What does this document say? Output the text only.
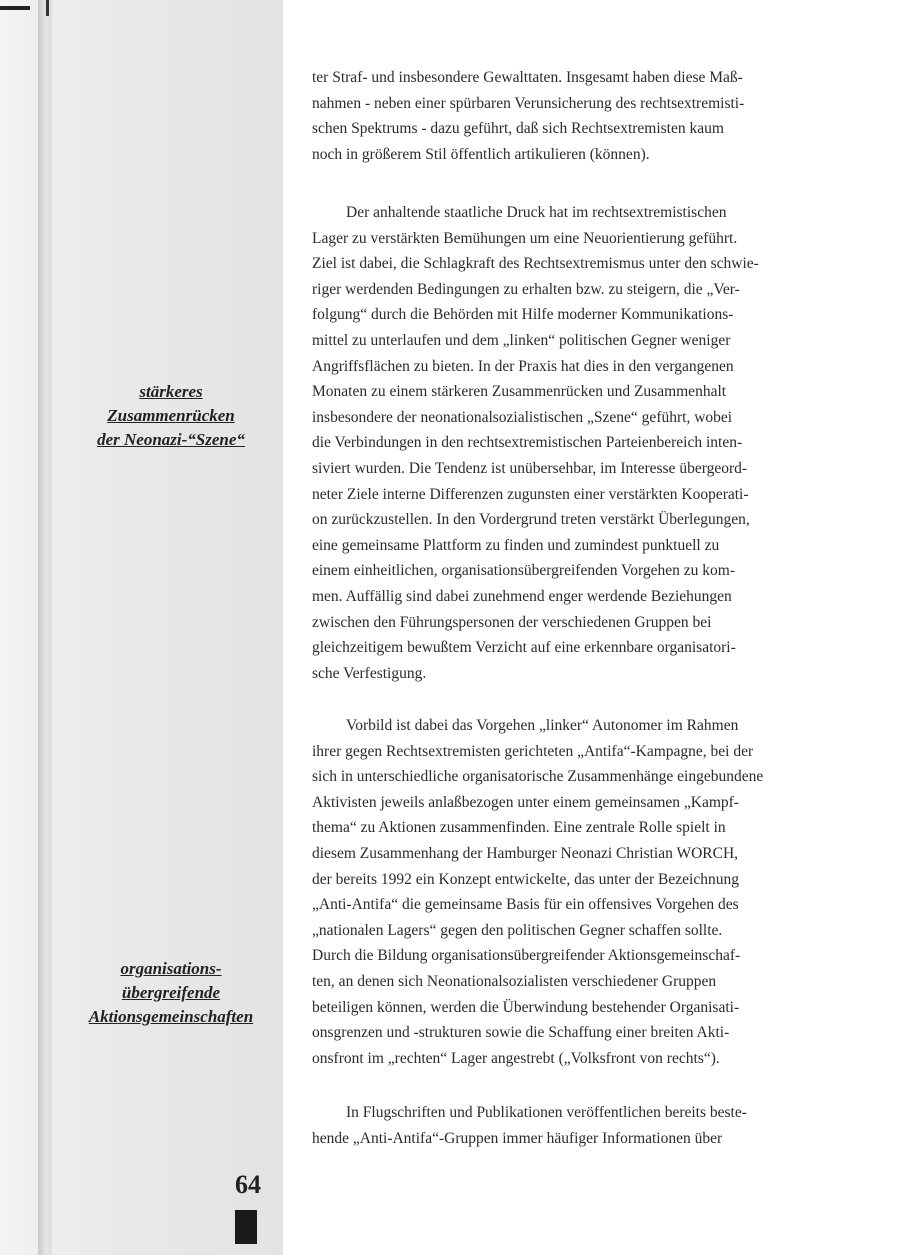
stärkeres
Zusammenrücken
der Neonazi-“Szene“
organisations-
übergreifende
Aktionsgemeinschaften
64
ter Straf- und insbesondere Gewalttaten. Insgesamt haben diese Maß-
nahmen - neben einer spürbaren Verunsicherung des rechtsextremisti-
schen Spektrums - dazu geführt, daß sich Rechtsextremisten kaum
noch in größerem Stil öffentlich artikulieren (können).
Der anhaltende staatliche Druck hat im rechtsextremistischen
Lager zu verstärkten Bemühungen um eine Neuorientierung geführt.
Ziel ist dabei, die Schlagkraft des Rechtsextremismus unter den schwie-
riger werdenden Bedingungen zu erhalten bzw. zu steigern, die „Ver-
folgung“ durch die Behörden mit Hilfe moderner Kommunikations-
mittel zu unterlaufen und dem „linken“ politischen Gegner weniger
Angriffsflächen zu bieten. In der Praxis hat dies in den vergangenen
Monaten zu einem stärkeren Zusammenrücken und Zusammenhalt
insbesondere der neonationalsozialistischen „Szene“ geführt, wobei
die Verbindungen in den rechtsextremistischen Parteienbereich inten-
siviert wurden. Die Tendenz ist unübersehbar, im Interesse übergeord-
neter Ziele interne Differenzen zugunsten einer verstärkten Kooperati-
on zurückzustellen. In den Vordergrund treten verstärkt Überlegungen,
eine gemeinsame Plattform zu finden und zumindest punktuell zu
einem einheitlichen, organisationsübergreifenden Vorgehen zu kom-
men. Auffällig sind dabei zunehmend enger werdende Beziehungen
zwischen den Führungspersonen der verschiedenen Gruppen bei
gleichzeitigem bewußtem Verzicht auf eine erkennbare organisatori-
sche Verfestigung.
Vorbild ist dabei das Vorgehen „linker“ Autonomer im Rahmen
ihrer gegen Rechtsextremisten gerichteten „Antifa“-Kampagne, bei der
sich in unterschiedliche organisatorische Zusammenhänge eingebundene
Aktivisten jeweils anlaßbezogen unter einem gemeinsamen „Kampf-
thema“ zu Aktionen zusammenfinden. Eine zentrale Rolle spielt in
diesem Zusammenhang der Hamburger Neonazi Christian WORCH,
der bereits 1992 ein Konzept entwickelte, das unter der Bezeichnung
„Anti-Antifa“ die gemeinsame Basis für ein offensives Vorgehen des
„nationalen Lagers“ gegen den politischen Gegner schaffen sollte.
Durch die Bildung organisationsübergreifender Aktionsgemeinschaf-
ten, an denen sich Neonationalsozialisten verschiedener Gruppen
beteiligen können, werden die Überwindung bestehender Organisati-
onsgrenzen und -strukturen sowie die Schaffung einer breiten Akti-
onsfront im „rechten“ Lager angestrebt („Volksfront von rechts“).
In Flugschriften und Publikationen veröffentlichen bereits beste-
hende „Anti-Antifa“-Gruppen immer häufiger Informationen über
